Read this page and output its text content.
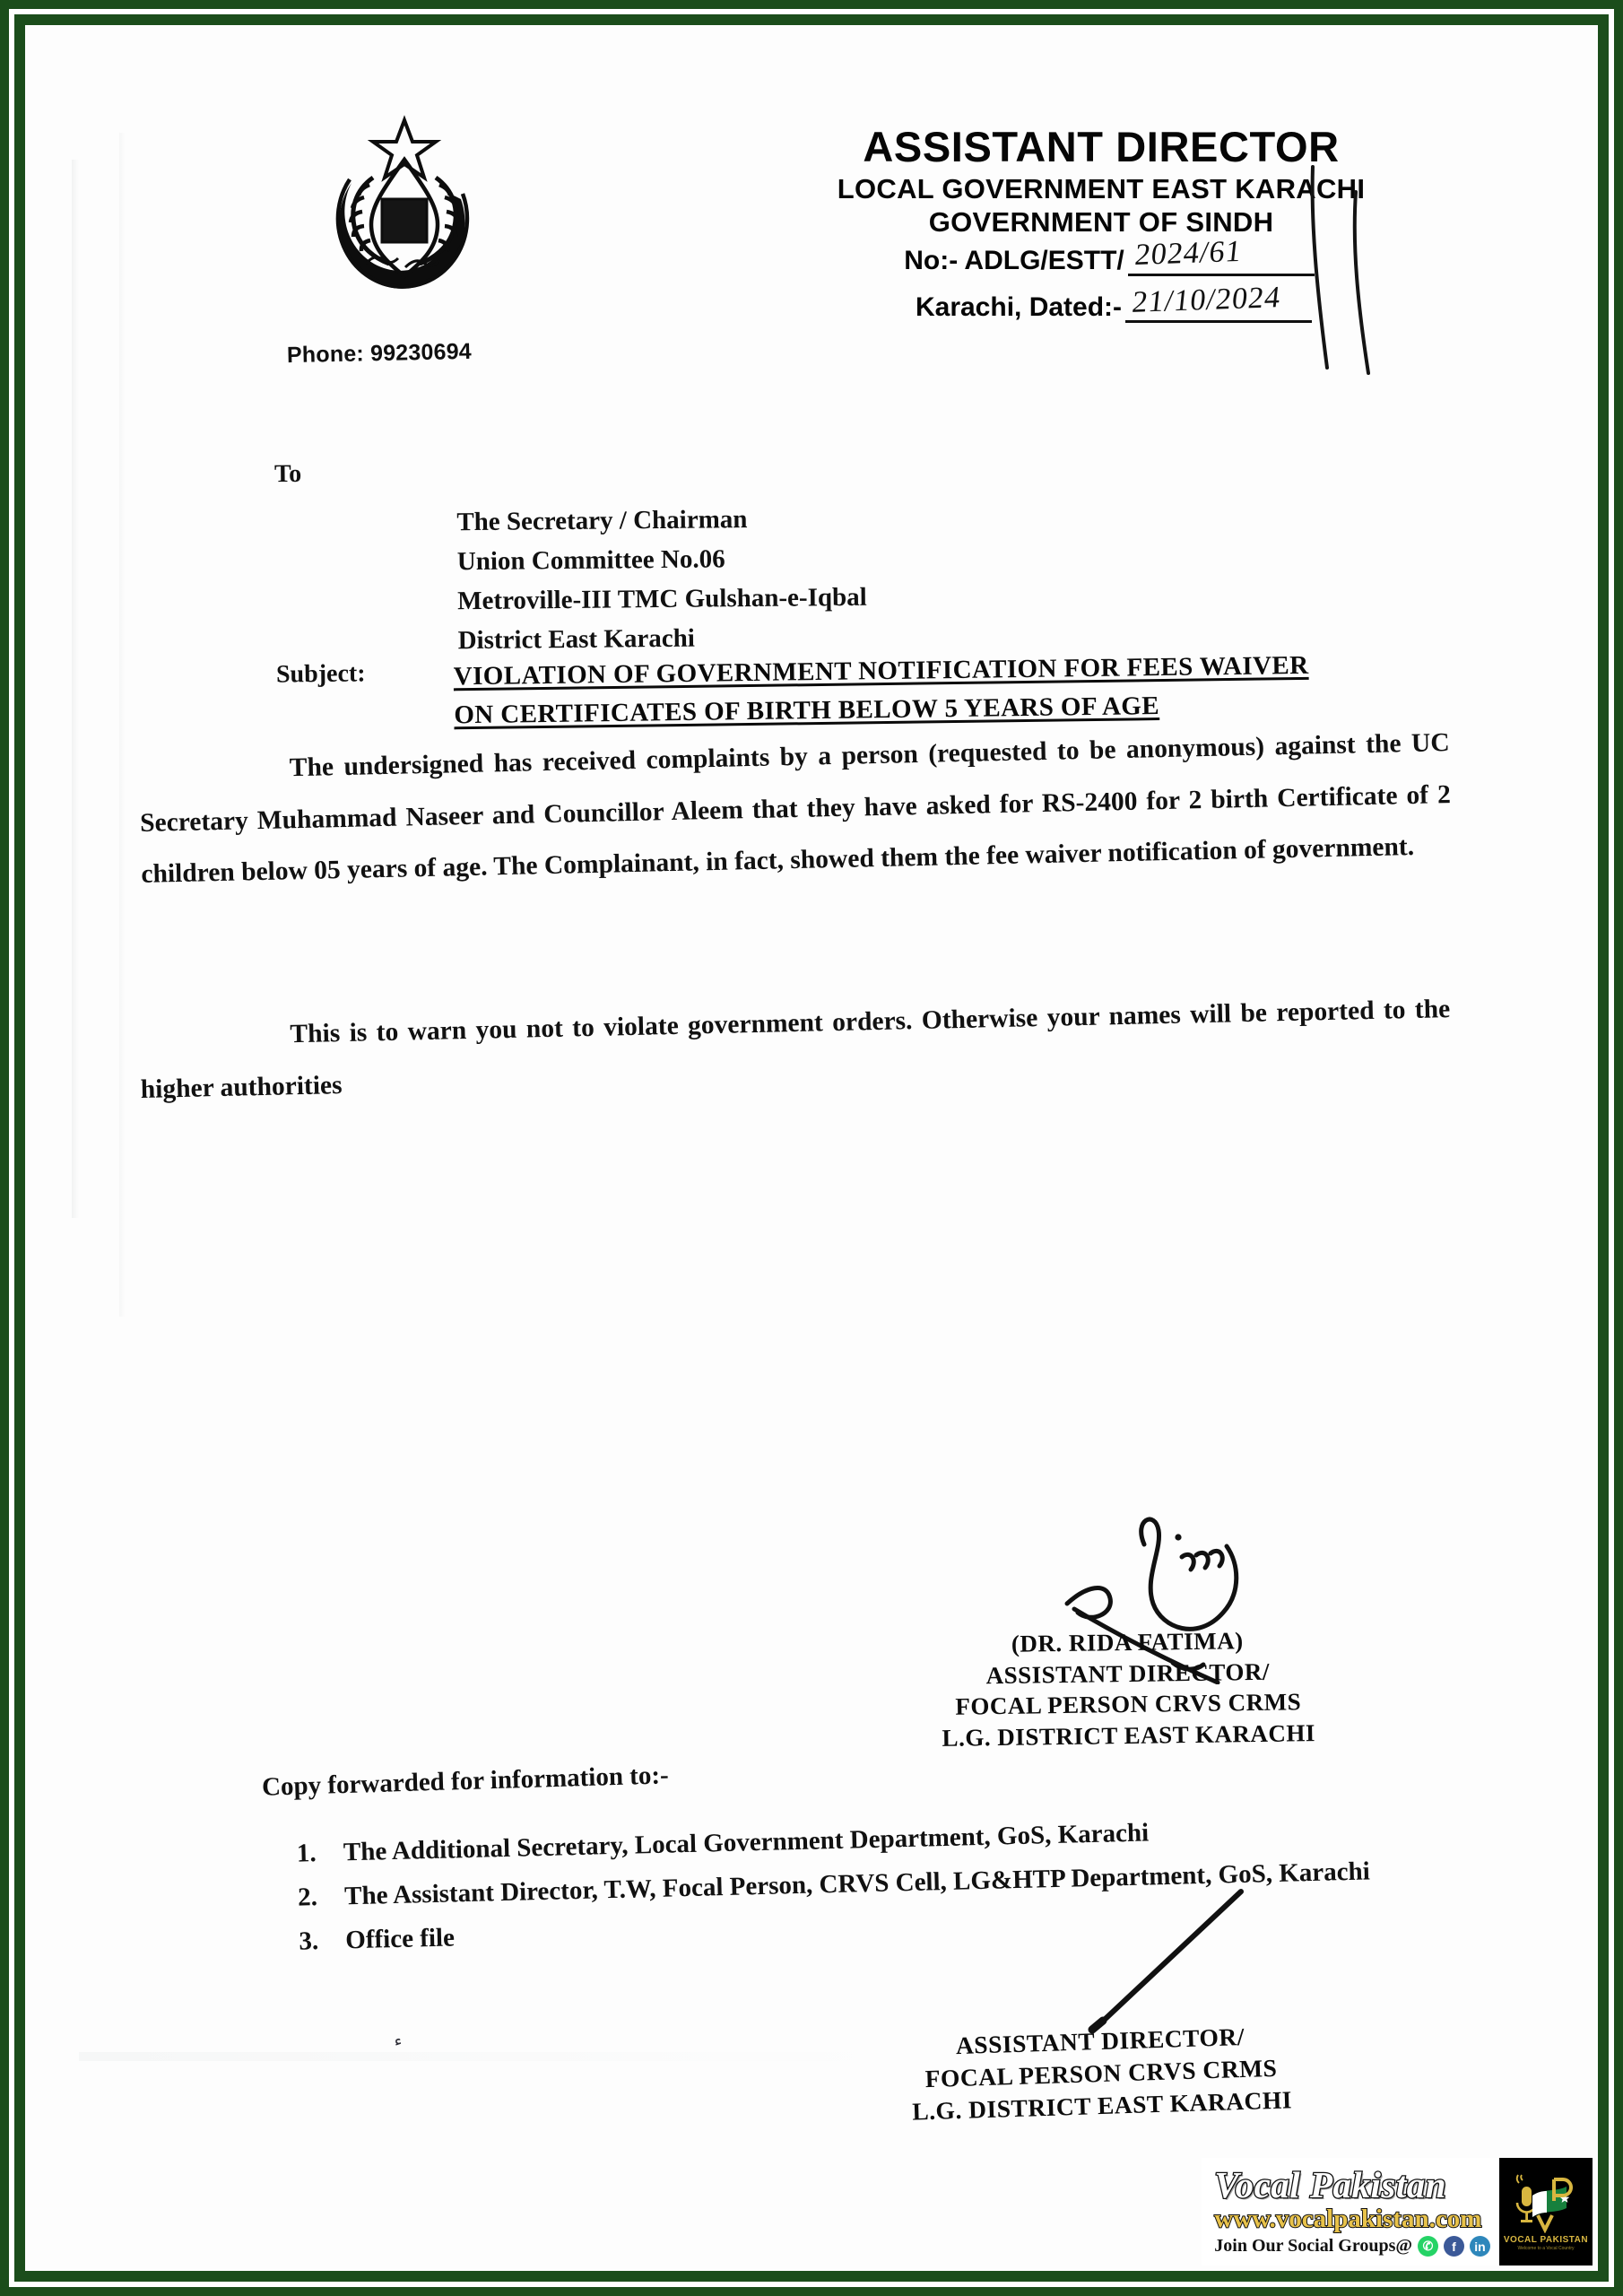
Phone: 99230694
ASSISTANT DIRECTOR
LOCAL GOVERNMENT EAST KARACHI
GOVERNMENT OF SINDH
No:- ADLG/ESTT/ 2024/61
Karachi, Dated:- 21/10/2024
To
The Secretary / Chairman
Union Committee No.06
Metroville-III TMC Gulshan-e-Iqbal
District East Karachi
Subject:	VIOLATION OF GOVERNMENT NOTIFICATION FOR FEES WAIVER
ON CERTIFICATES OF BIRTH BELOW 5 YEARS OF AGE
The undersigned has received complaints by a person (requested to be anonymous) against the UC Secretary Muhammad Naseer and Councillor Aleem that they have asked for RS-2400 for 2 birth Certificate of 2 children below 05 years of age. The Complainant, in fact, showed them the fee waiver notification of government.
This is to warn you not to violate government orders. Otherwise your names will be reported to the higher authorities
(DR. RIDA FATIMA)
ASSISTANT DIRECTOR/
FOCAL PERSON CRVS CRMS
L.G. DISTRICT EAST KARACHI
Copy forwarded for information to:-
1. The Additional Secretary, Local Government Department, GoS, Karachi
2. The Assistant Director, T.W, Focal Person, CRVS Cell, LG&HTP Department, GoS, Karachi
3. Office file
ٕ	ASSISTANT DIRECTOR/
FOCAL PERSON CRVS CRMS
L.G. DISTRICT EAST KARACHI
Vocal Pakistan
www.vocalpakistan.com
Join Our Social Groups@ ✆	f	in	VOCAL PAKISTAN
Welcome to a Vocal Country
